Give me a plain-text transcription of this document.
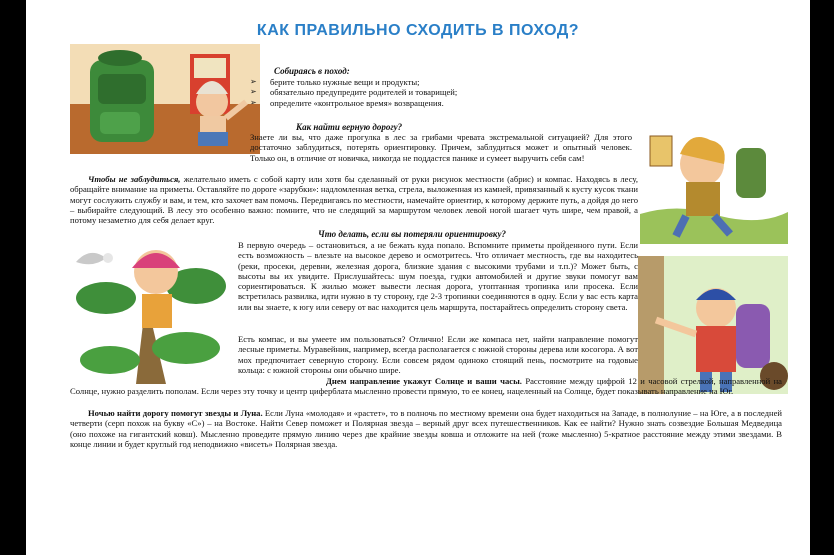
КАК ПРАВИЛЬНО СХОДИТЬ В ПОХОД?
Собираясь в поход:
➢ берите только нужные вещи и продукты;
➢ обязательно предупредите родителей и товарищей;
➢ определите «контрольное время» возвращения.
Как найти верную дорогу?
Знаете ли вы, что даже прогулка в лес за грибами чревата экстремальной ситуацией? Для этого достаточно заблудиться, потерять ориентировку. Причем, заблудиться может и опытный человек. Только он, в отличие от новичка, никогда не поддастся панике и сумеет выручить себя сам!
Чтобы не заблудиться, желательно иметь с собой карту или хотя бы сделанный от руки рисунок местности (абрис) и компас. Находясь в лесу, обращайте внимание на приметы. Оставляйте по дороге «зарубки»: надломленная ветка, стрела, выложенная из камней, привязанный к кусту кусок ткани могут сослужить службу и вам, и тем, кто захочет вам помочь. Передвигаясь по местности, намечайте ориентир, к которому держите путь, а дойдя до него – выбирайте следующий. В лесу это особенно важно: помните, что не следящий за маршрутом человек левой ногой шагает чуть шире, чем правой, а потому незаметно для себя делает круг.
Что делать, если вы потеряли ориентировку?
В первую очередь – остановиться, а не бежать куда попало. Вспомните приметы пройденного пути. Если есть возможность – влезьте на высокое дерево и осмотритесь. Что отличает местность, где вы находитесь (реки, просеки, деревни, железная дорога, близкие здания с высокими трубами и т.п.)? Может быть, с высоты вы их увидите. Прислушайтесь: шум поезда, гудки автомобилей и другие звуки помогут вам сориентироваться. К жилью может вывести лесная дорога, утоптанная тропинка или просека. Если встретилась развилка, идти нужно в ту сторону, где 2-3 тропинки соединяются в одну. Если у вас есть карта или вы знаете, к югу или северу от вас находится цель маршрута, постарайтесь определить сторону света.
Есть компас, и вы умеете им пользоваться? Отлично! Если же компаса нет, найти направление помогут лесные приметы. Муравейник, например, всегда располагается с южной стороны дерева или косогора. А вот мох предпочитает северную сторону. Если совсем рядом одиноко стоящий пень, посмотрите на годовые кольца: с южной стороны они обычно шире.
Днем направление укажут Солнце и ваши часы. Расстояние между цифрой 12 и часовой стрелкой, направленной на Солнце, нужно разделить пополам. Если через эту точку и центр циферблата мысленно провести прямую, то ее конец, нацеленный на Солнце, будет показывать направление на Юг.
Ночью найти дорогу помогут звезды и Луна. Если Луна «молодая» и «растет», то в полночь по местному времени она будет находиться на Западе, в полнолуние – на Юге, а в последней четверти (серп похож на букву «С») – на Востоке. Найти Север поможет и Полярная звезда – верный друг всех путешественников. Как ее найти? Нужно знать созвездие Большая Медведица (оно похоже на гигантский ковш). Мысленно проведите прямую линию через две крайние звезды ковша и отложите на ней (тоже мысленно) 5-кратное расстояние между этими звездами. В конце линии и будет круглый год неподвижно «висеть» Полярная звезда.
